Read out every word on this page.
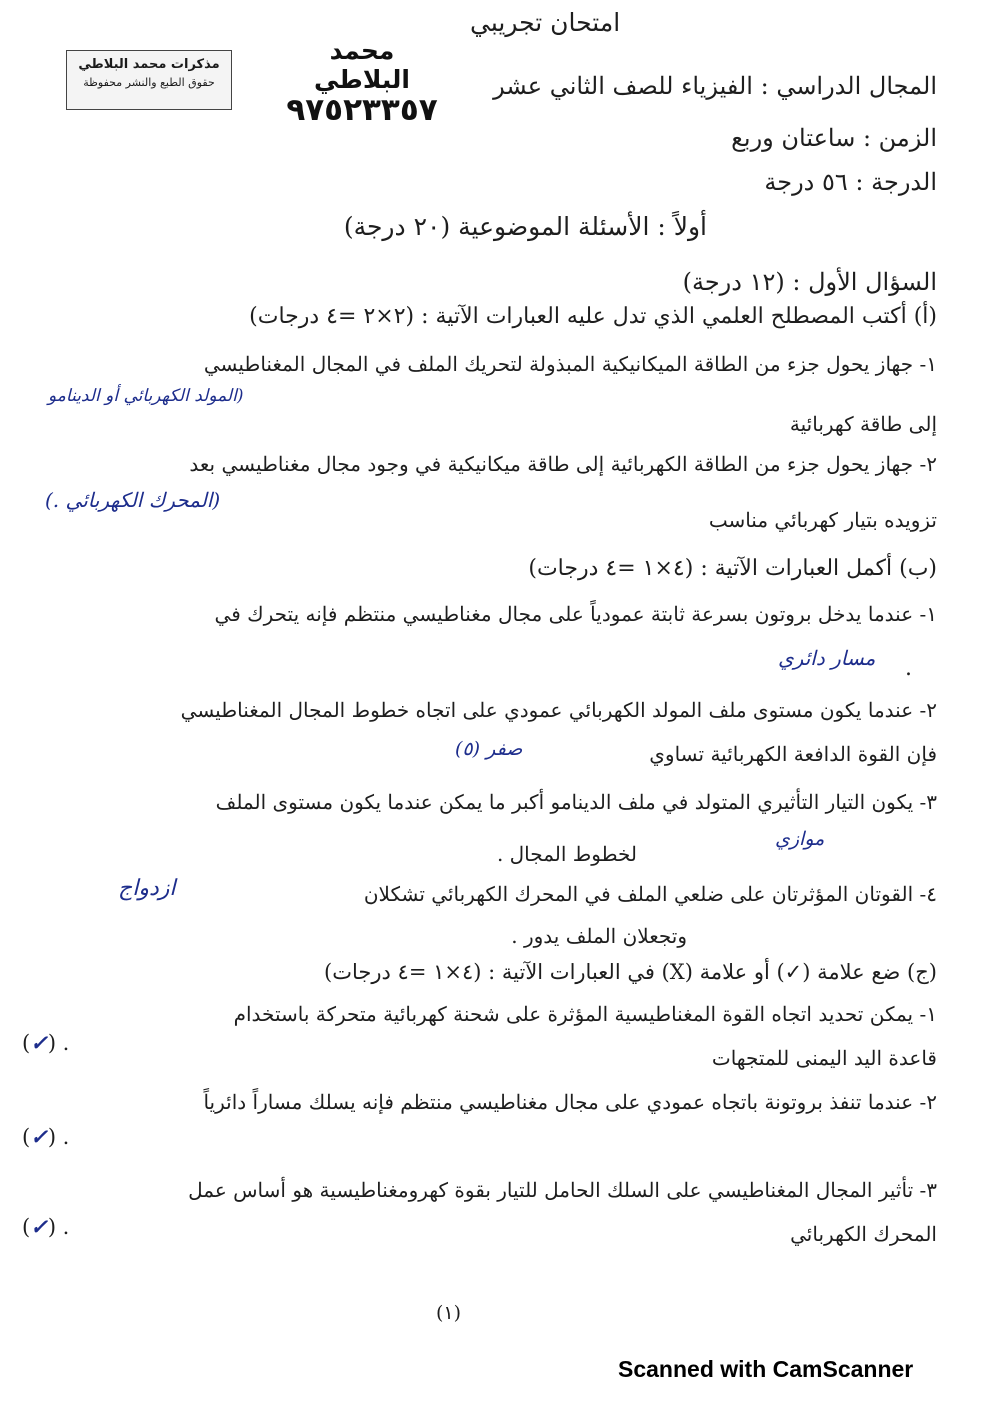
امتحان تجريبي
مذكرات محمد البلاطي
حقوق الطبع والنشر محفوظة
محمد البلاطي
٩٧٥٢٣٣٥٧
المجال الدراسي : الفيزياء للصف الثاني عشر
الزمن : ساعتان وربع
الدرجة : ٥٦ درجة
أولاً : الأسئلة الموضوعية (٢٠ درجة)
السؤال الأول : (١٢ درجة)
(أ) أكتب المصطلح العلمي الذي تدل عليه العبارات الآتية : (٢×٢ =٤ درجات)
١- جهاز يحول جزء من الطاقة الميكانيكية المبذولة لتحريك الملف في المجال المغناطيسي
(المولد الكهربائي أو الدينامو
إلى طاقة كهربائية
٢- جهاز يحول جزء من الطاقة الكهربائية إلى طاقة ميكانيكية في وجود مجال مغناطيسي بعد
(المحرك الكهربائي .)
تزويده بتيار كهربائي مناسب
(ب) أكمل العبارات الآتية : (٤×١ =٤ درجات)
١- عندما يدخل بروتون بسرعة ثابتة عمودياً على مجال مغناطيسي منتظم فإنه يتحرك في
مسار دائري .
٢- عندما يكون مستوى ملف المولد الكهربائي عمودي على اتجاه خطوط المجال المغناطيسي
فإن القوة الدافعة الكهربائية تساوي
صفر (٥)
٣- يكون التيار التأثيري المتولد في ملف الدينامو أكبر ما يمكن عندما يكون مستوى الملف
موازي
لخطوط المجال .
٤- القوتان المؤثرتان على ضلعي الملف في المحرك الكهربائي تشكلان
ازدواج
وتجعلان الملف يدور .
(ج) ضع علامة (✓) أو علامة (X) في العبارات الآتية : (٤×١ =٤ درجات)
١- يمكن تحديد اتجاه القوة المغناطيسية المؤثرة على شحنة كهربائية متحركة باستخدام
(✓) .
قاعدة اليد اليمنى للمتجهات
٢- عندما تنفذ بروتونة باتجاه عمودي على مجال مغناطيسي منتظم فإنه يسلك مساراً دائرياً
(✓) .
٣- تأثير المجال المغناطيسي على السلك الحامل للتيار بقوة كهرومغناطيسية هو أساس عمل
(✓) .	المحرك الكهربائي
(١)
Scanned with CamScanner
